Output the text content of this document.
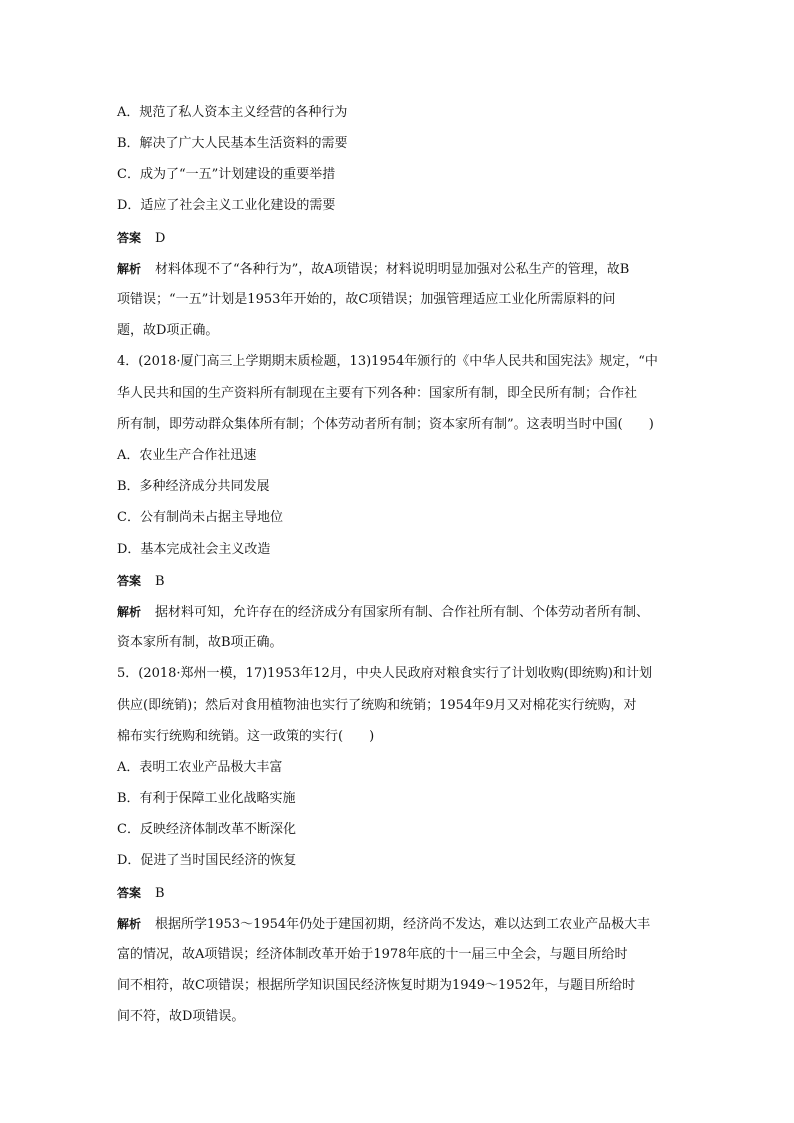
A．规范了私人资本主义经营的各种行为
B．解决了广大人民基本生活资料的需要
C．成为了“一五”计划建设的重要举措
D．适应了社会主义工业化建设的需要
答案 D
解析 材料体现不了“各种行为”，故A项错误；材料说明明显加强对公私生产的管理，故B
项错误；“一五”计划是1953年开始的，故C项错误；加强管理适应工业化所需原料的问
题，故D项正确。
4．(2018·厦门高三上学期期末质检题，13)1954年颁行的《中华人民共和国宪法》规定，“中
华人民共和国的生产资料所有制现在主要有下列各种：国家所有制，即全民所有制；合作社
所有制，即劳动群众集体所有制；个体劳动者所有制；资本家所有制”。这表明当时中国(　　)
A．农业生产合作社迅速
B．多种经济成分共同发展
C．公有制尚未占据主导地位
D．基本完成社会主义改造
答案 B
解析 据材料可知，允许存在的经济成分有国家所有制、合作社所有制、个体劳动者所有制、
资本家所有制，故B项正确。
5．(2018·郑州一模，17)1953年12月，中央人民政府对粮食实行了计划收购(即统购)和计划
供应(即统销)；然后对食用植物油也实行了统购和统销；1954年9月又对棉花实行统购，对
棉布实行统购和统销。这一政策的实行(　　)
A．表明工农业产品极大丰富
B．有利于保障工业化战略实施
C．反映经济体制改革不断深化
D．促进了当时国民经济的恢复
答案 B
解析 根据所学1953～1954年仍处于建国初期，经济尚不发达，难以达到工农业产品极大丰
富的情况，故A项错误；经济体制改革开始于1978年底的十一届三中全会，与题目所给时
间不相符，故C项错误；根据所学知识国民经济恢复时期为1949～1952年，与题目所给时
间不符，故D项错误。
